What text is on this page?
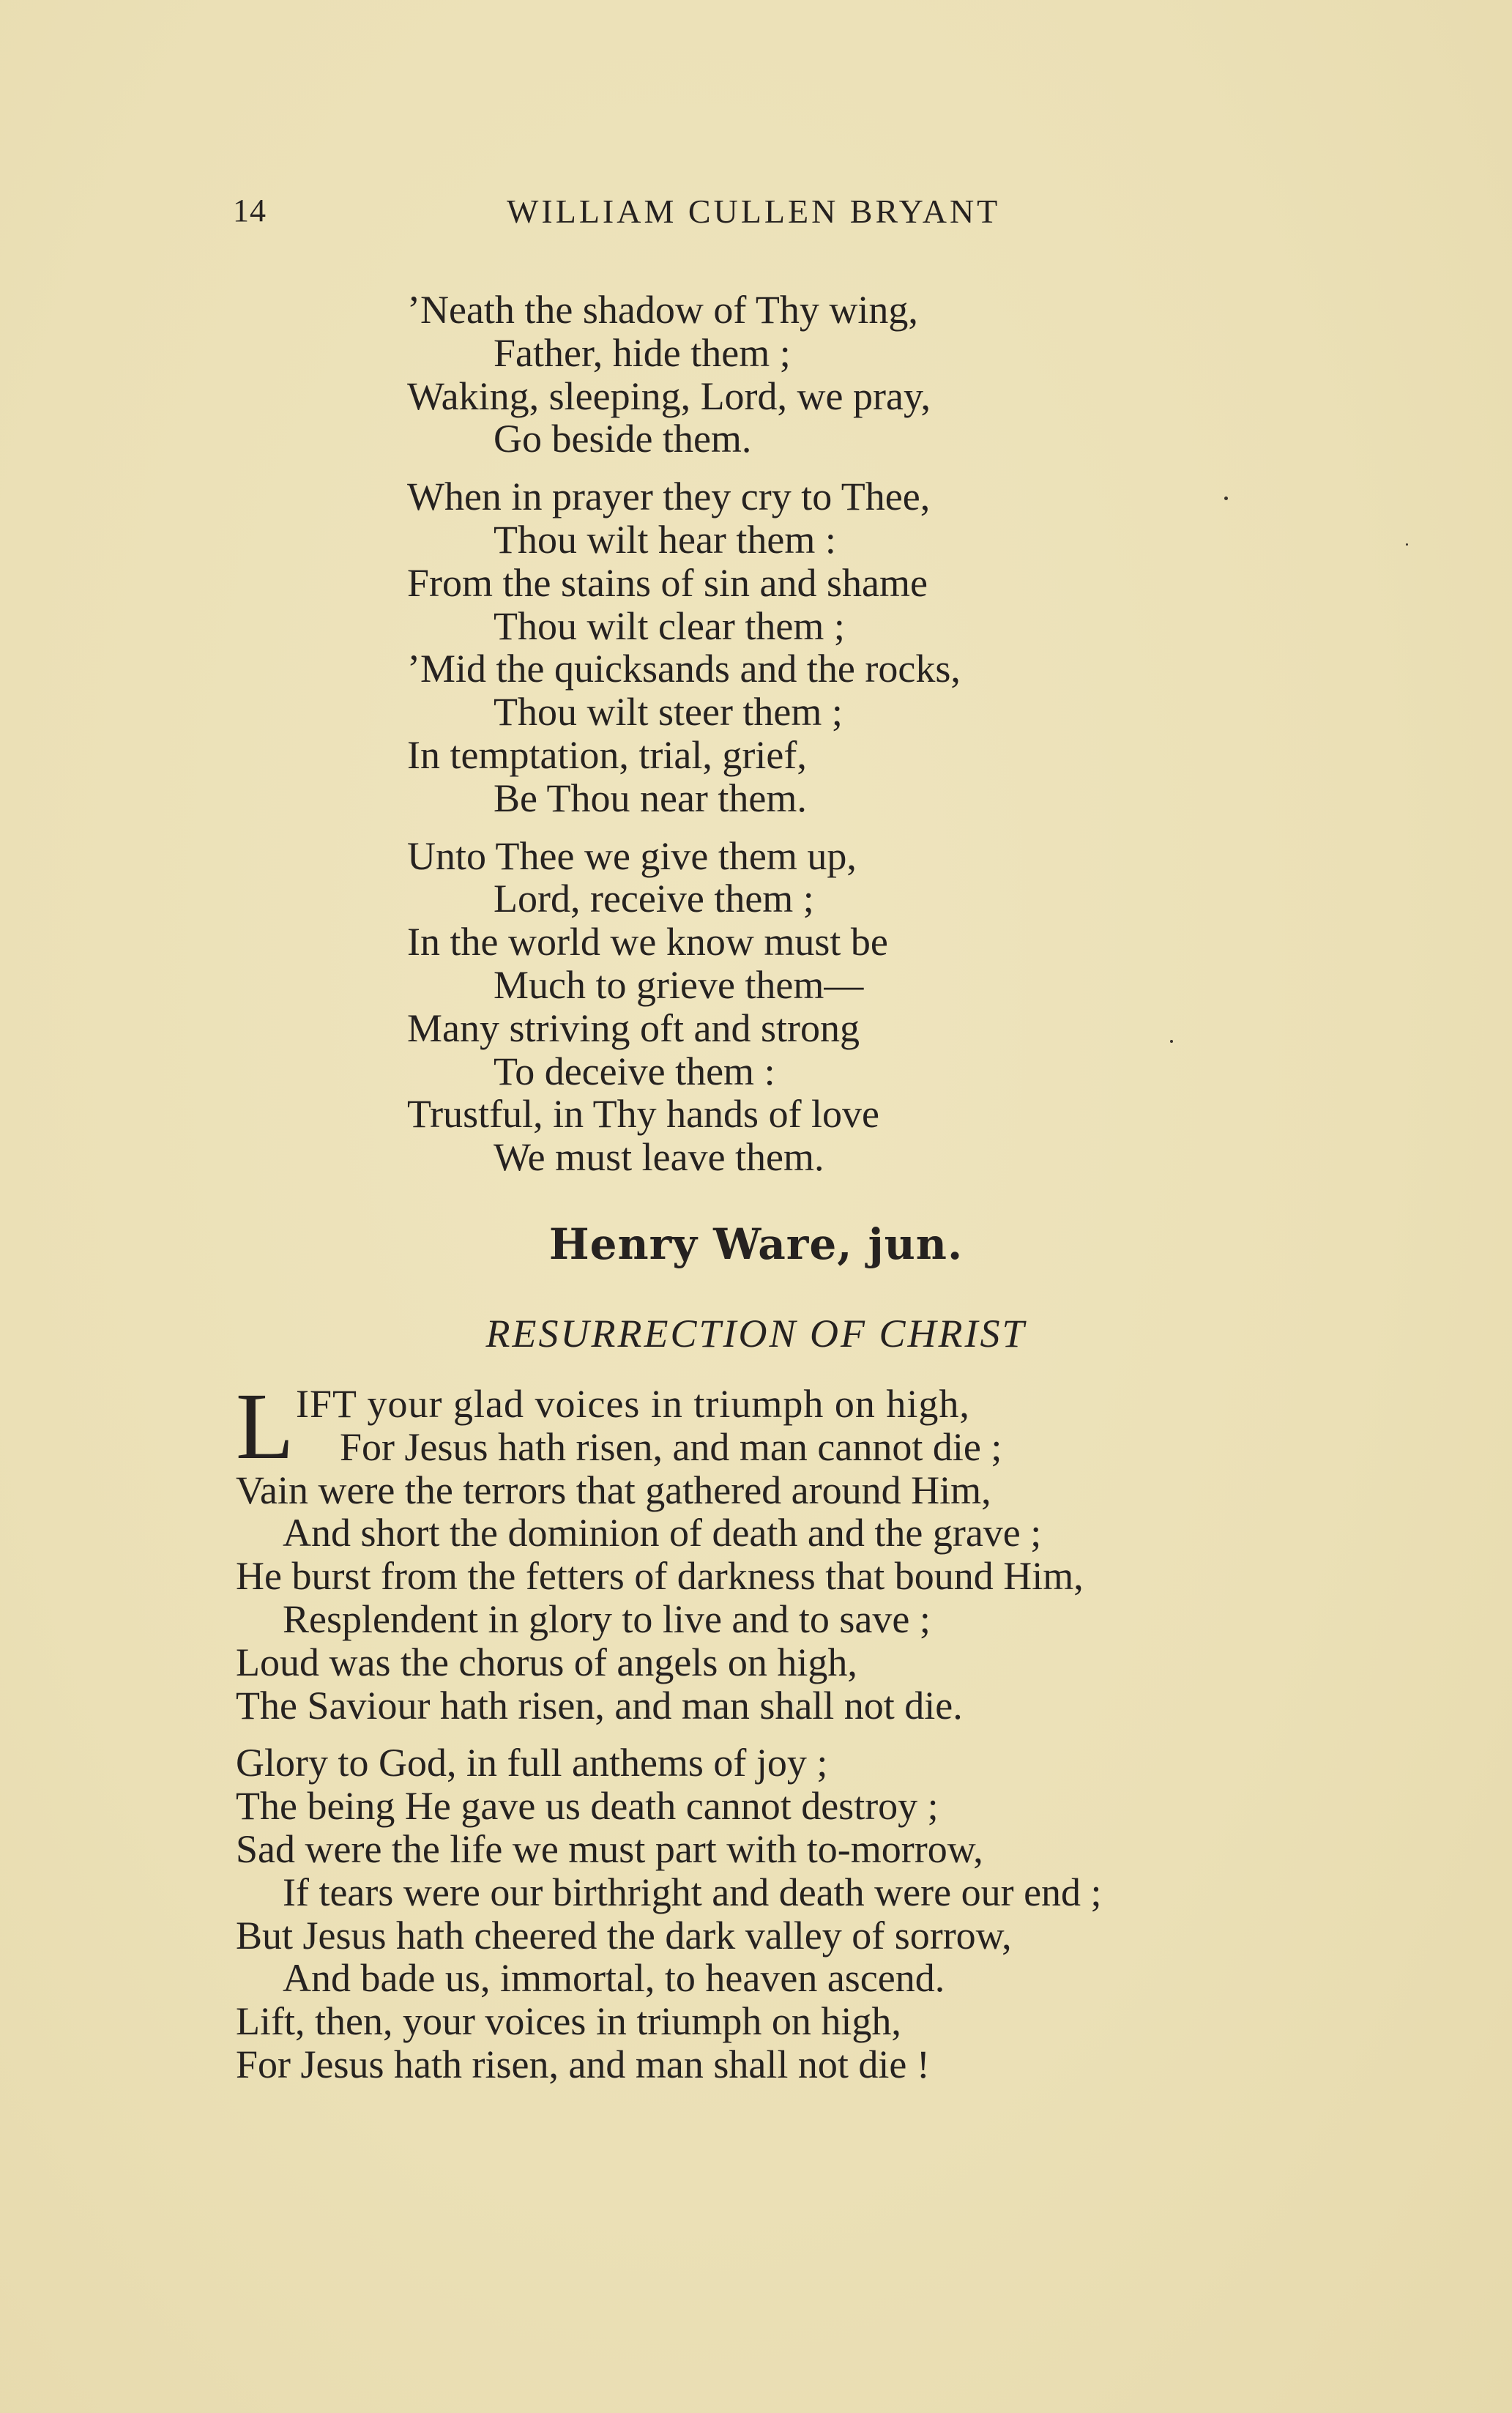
14	WILLIAM CULLEN BRYANT
’Neath the shadow of Thy wing,
Father, hide them ;
Waking, sleeping, Lord, we pray,
Go beside them.
When in prayer they cry to Thee,
Thou wilt hear them :
From the stains of sin and shame
Thou wilt clear them ;
’Mid the quicksands and the rocks,
Thou wilt steer them ;
In temptation, trial, grief,
Be Thou near them.
Unto Thee we give them up,
Lord, receive them ;
In the world we know must be
Much to grieve them—
Many striving oft and strong
To deceive them :
Trustful, in Thy hands of love
We must leave them.
Henry Ware, jun.
RESURRECTION OF CHRIST
L IFT your glad voices in triumph on high,
For Jesus hath risen, and man cannot die ;
Vain were the terrors that gathered around Him,
And short the dominion of death and the grave ;
He burst from the fetters of darkness that bound Him,
Resplendent in glory to live and to save ;
Loud was the chorus of angels on high,
The Saviour hath risen, and man shall not die.
Glory to God, in full anthems of joy ;
The being He gave us death cannot destroy ;
Sad were the life we must part with to-morrow,
If tears were our birthright and death were our end ;
But Jesus hath cheered the dark valley of sorrow,
And bade us, immortal, to heaven ascend.
Lift, then, your voices in triumph on high,
For Jesus hath risen, and man shall not die !
